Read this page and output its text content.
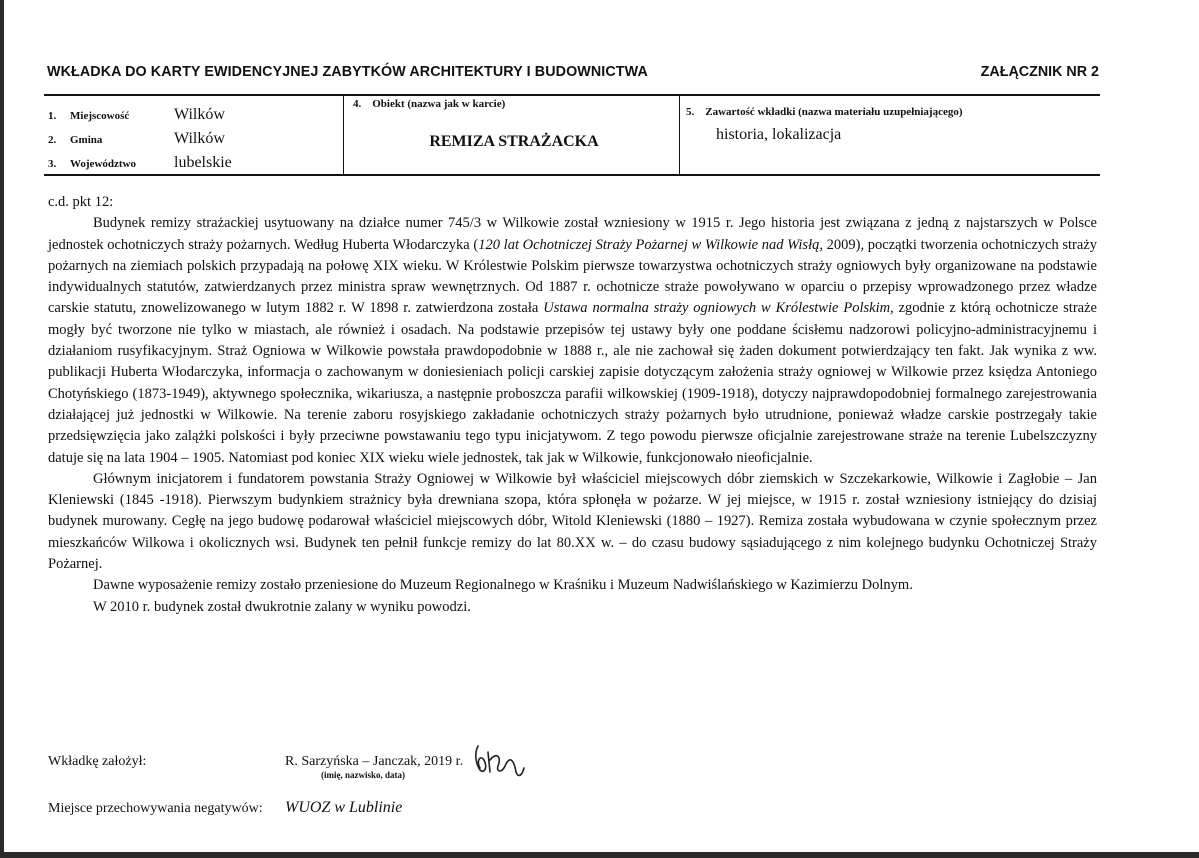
WKŁADKA DO KARTY EWIDENCYJNEJ ZABYTKÓW ARCHITEKTURY I BUDOWNICTWA	ZAŁĄCZNIK NR 2
1.	Miejscowość	Wilków
2.	Gmina	Wilków
3.	Województwo	lubelskie
4. Obiekt (nazwa jak w karcie)
REMIZA STRAŻACKA
5. Zawartość wkładki (nazwa materiału uzupełniającego)
historia, lokalizacja

c.d. pkt 12:

Budynek remizy strażackiej usytuowany na działce numer 745/3 w Wilkowie został wzniesiony w 1915 r. Jego historia jest związana z jedną z najstarszych w Polsce jednostek ochotniczych straży pożarnych. Według Huberta Włodarczyka (120 lat Ochotniczej Straży Pożarnej w Wilkowie nad Wisłą, 2009), początki tworzenia ochotniczych straży pożarnych na ziemiach polskich przypadają na połowę XIX wieku. W Królestwie Polskim pierwsze towarzystwa ochotniczych straży ogniowych były organizowane na podstawie indywidualnych statutów, zatwierdzanych przez ministra spraw wewnętrznych. Od 1887 r. ochotnicze straże powoływano w oparciu o przepisy wprowadzonego przez władze carskie statutu, znowelizowanego w lutym 1882 r. W 1898 r. zatwierdzona została Ustawa normalna straży ogniowych w Królestwie Polskim, zgodnie z którą ochotnicze straże mogły być tworzone nie tylko w miastach, ale również i osadach. Na podstawie przepisów tej ustawy były one poddane ścisłemu nadzorowi policyjno-administracyjnemu i działaniom rusyfikacyjnym. Straż Ogniowa w Wilkowie powstała prawdopodobnie w 1888 r., ale nie zachował się żaden dokument potwierdzający ten fakt. Jak wynika z ww. publikacji Huberta Włodarczyka, informacja o zachowanym w doniesieniach policji carskiej zapisie dotyczącym założenia straży ogniowej w Wilkowie przez księdza Antoniego Chotyńskiego (1873-1949), aktywnego społecznika, wikariusza, a następnie proboszcza parafii wilkowskiej (1909-1918), dotyczy najprawdopodobniej formalnego zarejestrowania działającej już jednostki w Wilkowie. Na terenie zaboru rosyjskiego zakładanie ochotniczych straży pożarnych było utrudnione, ponieważ władze carskie postrzegały takie przedsięwzięcia jako zalążki polskości i były przeciwne powstawaniu tego typu inicjatywom. Z tego powodu pierwsze oficjalnie zarejestrowane straże na terenie Lubelszczyzny datuje się na lata 1904 – 1905. Natomiast pod koniec XIX wieku wiele jednostek, tak jak w Wilkowie, funkcjonowało nieoficjalnie.

Głównym inicjatorem i fundatorem powstania Straży Ogniowej w Wilkowie był właściciel miejscowych dóbr ziemskich w Szczekarkowie, Wilkowie i Zagłobie – Jan Kleniewski (1845 -1918). Pierwszym budynkiem strażnicy była drewniana szopa, która spłonęła w pożarze. W jej miejsce, w 1915 r. został wzniesiony istniejący do dzisiaj budynek murowany. Cegłę na jego budowę podarował właściciel miejscowych dóbr, Witold Kleniewski (1880 – 1927). Remiza została wybudowana w czynie społecznym przez mieszkańców Wilkowa i okolicznych wsi. Budynek ten pełnił funkcje remizy do lat 80.XX w. – do czasu budowy sąsiadującego z nim kolejnego budynku Ochotniczej Straży Pożarnej.

Dawne wyposażenie remizy zostało przeniesione do Muzeum Regionalnego w Kraśniku i Muzeum Nadwiślańskiego w Kazimierzu Dolnym.

W 2010 r. budynek został dwukrotnie zalany w wyniku powodzi.

Wkładkę założył:	R. Sarzyńska – Janczak, 2019 r.
(imię, nazwisko, data)
Miejsce przechowywania negatywów: WUOZ w Lublinie
